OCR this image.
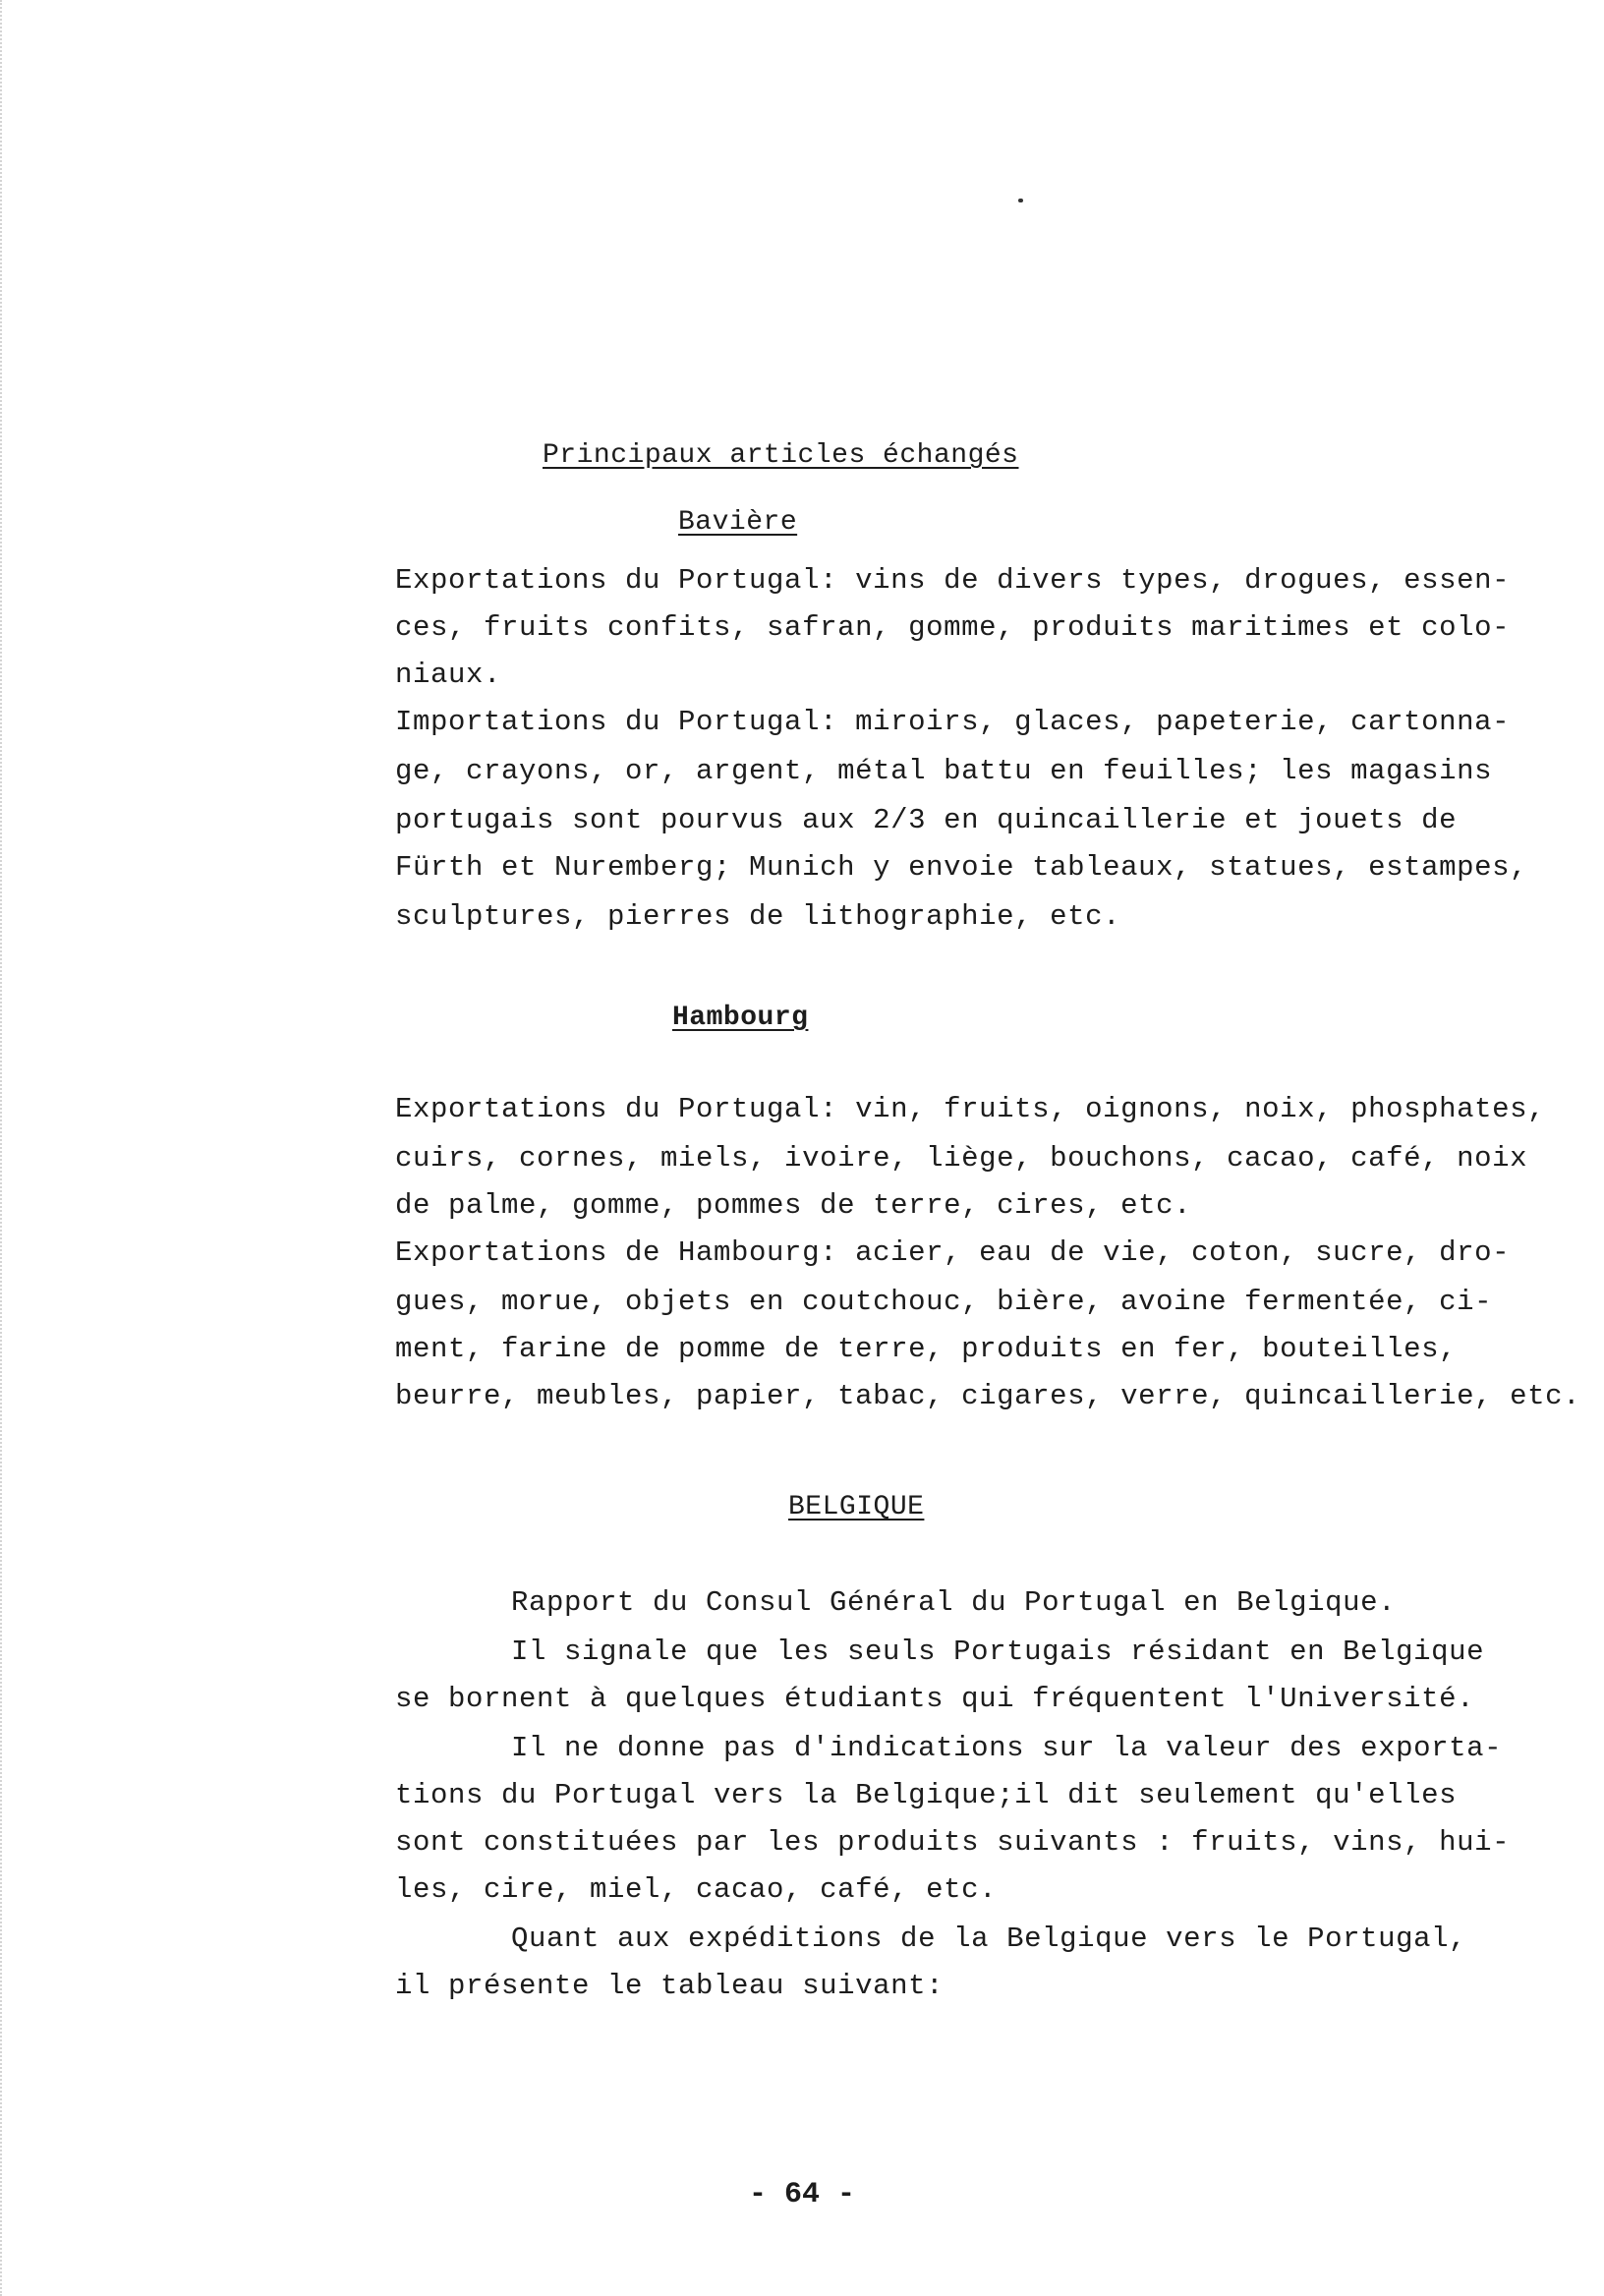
Principaux articles échangés
Bavière
Exportations du Portugal: vins de divers types, drogues, essen-
ces, fruits confits, safran, gomme, produits maritimes et colo-
niaux.
Importations du Portugal: miroirs, glaces, papeterie, cartonna-
ge, crayons, or, argent, métal battu en feuilles; les magasins
portugais sont pourvus aux 2/3 en quincaillerie et jouets de
Fürth et Nuremberg; Munich y envoie tableaux, statues, estampes,
sculptures, pierres de lithographie, etc.
Hambourg
Exportations du Portugal: vin, fruits, oignons, noix, phosphates,
cuirs, cornes, miels, ivoire, liège, bouchons, cacao, café, noix
de palme, gomme, pommes de terre, cires, etc.
Exportations de Hambourg: acier, eau de vie, coton, sucre, dro-
gues, morue, objets en coutchouc, bière, avoine fermentée, ci-
ment, farine de pomme de terre, produits en fer, bouteilles,
beurre, meubles, papier, tabac, cigares, verre, quincaillerie, etc.
BELGIQUE
Rapport du Consul Général du Portugal en Belgique.
Il signale que les seuls Portugais résidant en Belgique
se bornent à quelques étudiants qui fréquentent l'Université.
Il ne donne pas d'indications sur la valeur des exporta-
tions du Portugal vers la Belgique;il dit seulement qu'elles
sont constituées par les produits suivants : fruits, vins, hui-
les, cire, miel, cacao, café, etc.
Quant aux expéditions de la Belgique vers le Portugal,
il présente le tableau suivant:
- 64 -
